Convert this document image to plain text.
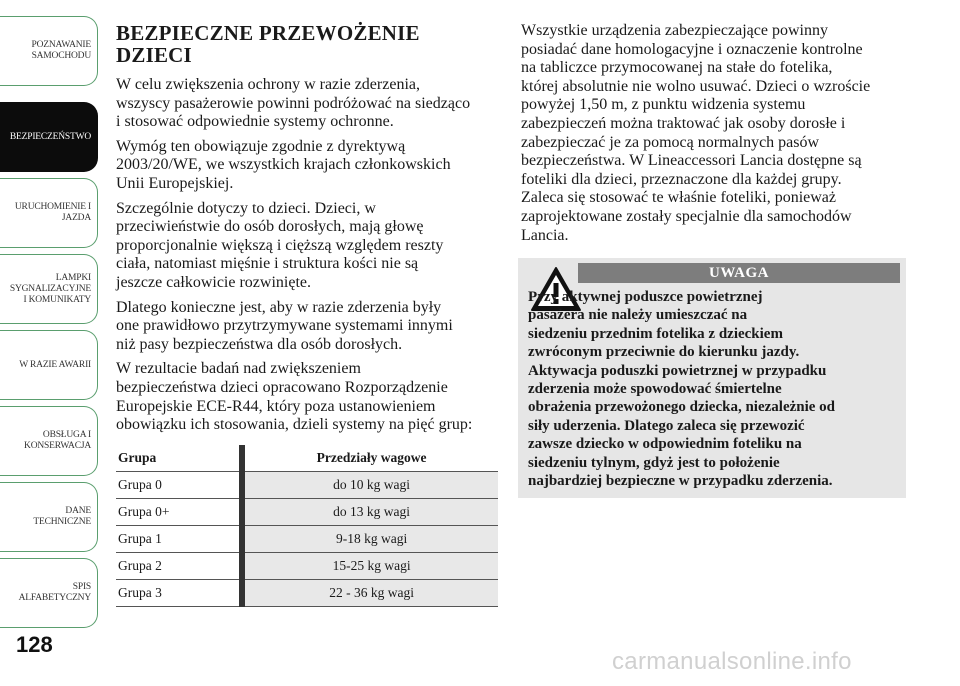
POZNAWANIE
SAMOCHODU
BEZPIECZEŃSTWO
URUCHOMIENIE I
JAZDA
LAMPKI
SYGNALIZACYJNE
I KOMUNIKATY
W RAZIE AWARII
OBSŁUGA I
KONSERWACJA
DANE
TECHNICZNE
SPIS
ALFABETYCZNY
128
BEZPIECZNE PRZEWOŻENIE
DZIECI

W celu zwiększenia ochrony w razie zderzenia,
wszyscy pasażerowie powinni podróżować na siedząco
i stosować odpowiednie systemy ochronne.

Wymóg ten obowiązuje zgodnie z dyrektywą
2003/20/WE, we wszystkich krajach członkowskich
Unii Europejskiej.

Szczególnie dotyczy to dzieci. Dzieci, w
przeciwieństwie do osób dorosłych, mają głowę
proporcjonalnie większą i cięższą względem reszty
ciała, natomiast mięśnie i struktura kości nie są
jeszcze całkowicie rozwinięte.

Dlatego konieczne jest, aby w razie zderzenia były
one prawidłowo przytrzymywane systemami innymi
niż pasy bezpieczeństwa dla osób dorosłych.

W rezultacie badań nad zwiększeniem
bezpieczeństwa dzieci opracowano Rozporządzenie
Europejskie ECE-R44, który poza ustanowieniem
obowiązku ich stosowania, dzieli systemy na pięć grup:

Grupa		Przedziały wagowe
Grupa 0		do 10 kg wagi
Grupa 0+		do 13 kg wagi
Grupa 1		9-18 kg wagi
Grupa 2		15-25 kg wagi
Grupa 3		22 - 36 kg wagi

Wszystkie urządzenia zabezpieczające powinny
posiadać dane homologacyjne i oznaczenie kontrolne
na tabliczce przymocowanej na stałe do fotelika,
której absolutnie nie wolno usuwać. Dzieci o wzroście
powyżej 1,50 m, z punktu widzenia systemu
zabezpieczeń można traktować jak osoby dorosłe i
zabezpieczać je za pomocą normalnych pasów
bezpieczeństwa. W Lineaccessori Lancia dostępne są
foteliki dla dzieci, przeznaczone dla każdej grupy.
Zaleca się stosować te właśnie foteliki, ponieważ
zaprojektowane zostały specjalnie dla samochodów
Lancia.

UWAGA
Przy aktywnej poduszce powietrznej
pasażera nie należy umieszczać na
siedzeniu przednim fotelika z dzieckiem
zwróconym przeciwnie do kierunku jazdy.
Aktywacja poduszki powietrznej w przypadku
zderzenia może spowodować śmiertelne
obrażenia przewożonego dziecka, niezależnie od
siły uderzenia. Dlatego zaleca się przewozić
zawsze dziecko w odpowiednim foteliku na
siedzeniu tylnym, gdyż jest to położenie
najbardziej bezpieczne w przypadku zderzenia.
carmanualsonline.info
